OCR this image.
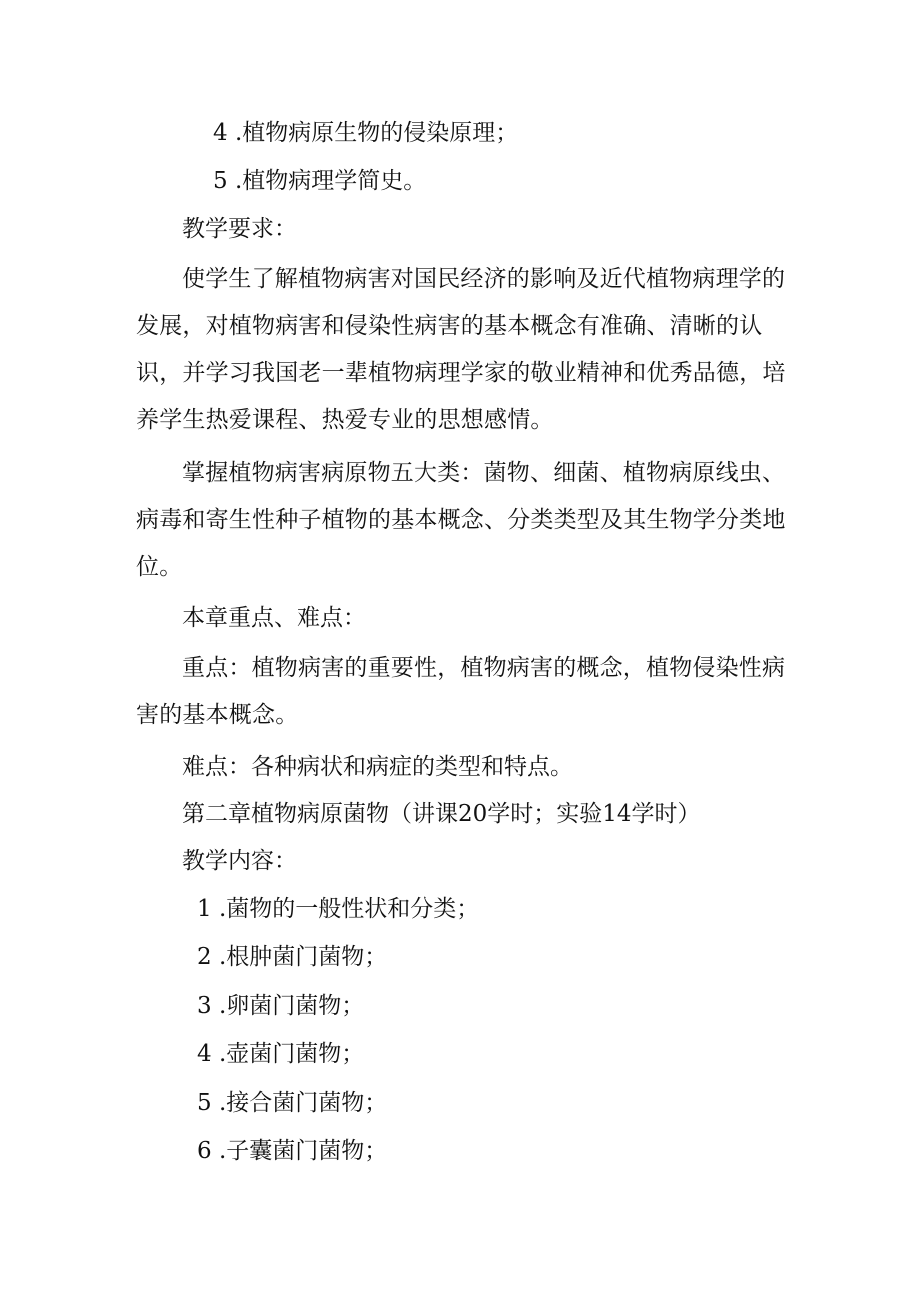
4 .植物病原生物的侵染原理；
5 .植物病理学简史。
教学要求：
使学生了解植物病害对国民经济的影响及近代植物病理学的发展，对植物病害和侵染性病害的基本概念有准确、清晰的认识，并学习我国老一辈植物病理学家的敬业精神和优秀品德，培养学生热爱课程、热爱专业的思想感情。
掌握植物病害病原物五大类：菌物、细菌、植物病原线虫、病毒和寄生性种子植物的基本概念、分类类型及其生物学分类地位。
本章重点、难点：
重点：植物病害的重要性，植物病害的概念，植物侵染性病害的基本概念。
难点：各种病状和病症的类型和特点。
第二章植物病原菌物（讲课20学时；实验14学时）
教学内容：
1 .菌物的一般性状和分类；
2 .根肿菌门菌物；
3 .卵菌门菌物；
4 .壶菌门菌物；
5 .接合菌门菌物；
6 .子囊菌门菌物；
